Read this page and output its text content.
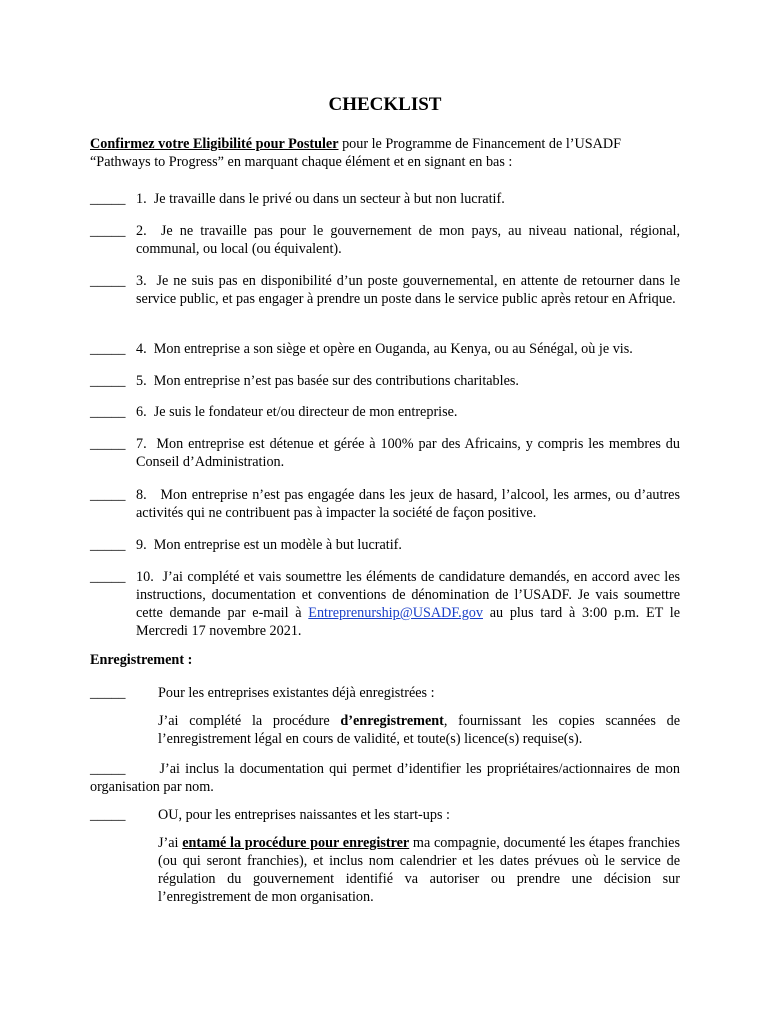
CHECKLIST
Confirmez votre Eligibilité pour Postuler pour le Programme de Financement de l’USADF “Pathways to Progress” en marquant chaque élément et en signant en bas :
_____ 1. Je travaille dans le privé ou dans un secteur à but non lucratif.
_____ 2. Je ne travaille pas pour le gouvernement de mon pays, au niveau national, régional, communal, ou local (ou équivalent).
_____ 3. Je ne suis pas en disponibilité d’un poste gouvernemental, en attente de retourner dans le service public, et pas engager à prendre un poste dans le service public après retour en Afrique.
_____ 4. Mon entreprise a son siège et opère en Ouganda, au Kenya, ou au Sénégal, où je vis.
_____ 5. Mon entreprise n’est pas basée sur des contributions charitables.
_____ 6. Je suis le fondateur et/ou directeur de mon entreprise.
_____ 7. Mon entreprise est détenue et gérée à 100% par des Africains, y compris les membres du Conseil d’Administration.
_____ 8. Mon entreprise n’est pas engagée dans les jeux de hasard, l’alcool, les armes, ou d’autres activités qui ne contribuent pas à impacter la société de façon positive.
_____ 9. Mon entreprise est un modèle à but lucratif.
_____ 10. J’ai complété et vais soumettre les éléments de candidature demandés, en accord avec les instructions, documentation et conventions de dénomination de l’USADF. Je vais soumettre cette demande par e-mail à Entreprenurship@USADF.gov au plus tard à 3:00 p.m. ET le Mercredi 17 novembre 2021.
Enregistrement :
_____	Pour les entreprises existantes déjà enregistrées :
J’ai complété la procédure d’enregistrement, fournissant les copies scannées de l’enregistrement légal en cours de validité, et toute(s) licence(s) requise(s).
_____ J’ai inclus la documentation qui permet d’identifier les propriétaires/actionnaires de mon organisation par nom.
_____	OU, pour les entreprises naissantes et les start-ups :
J’ai entamé la procédure pour enregistrer ma compagnie, documenté les étapes franchies (ou qui seront franchies), et inclus nom calendrier et les dates prévues où le service de régulation du gouvernement identifié va autoriser ou prendre une décision sur l’enregistrement de mon organisation.
